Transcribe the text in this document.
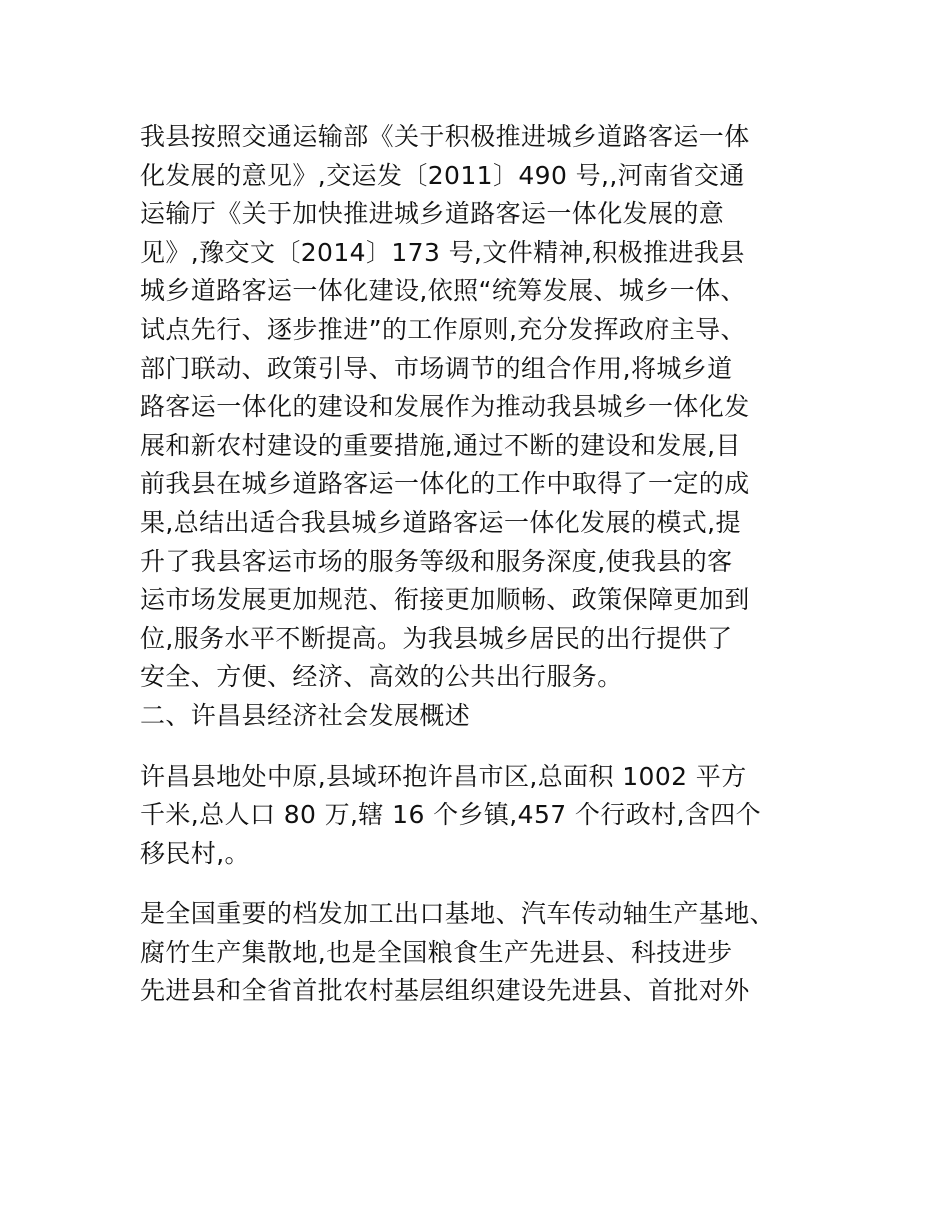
我县按照交通运输部《关于积极推进城乡道路客运一体
化发展的意见》,交运发〔2011〕490 号,,河南省交通
运输厅《关于加快推进城乡道路客运一体化发展的意
见》,豫交文〔2014〕173 号,文件精神,积极推进我县
城乡道路客运一体化建设,依照“统筹发展、城乡一体、
试点先行、逐步推进”的工作原则,充分发挥政府主导、
部门联动、政策引导、市场调节的组合作用,将城乡道
路客运一体化的建设和发展作为推动我县城乡一体化发
展和新农村建设的重要措施,通过不断的建设和发展,目
前我县在城乡道路客运一体化的工作中取得了一定的成
果,总结出适合我县城乡道路客运一体化发展的模式,提
升了我县客运市场的服务等级和服务深度,使我县的客
运市场发展更加规范、衔接更加顺畅、政策保障更加到
位,服务水平不断提高。为我县城乡居民的出行提供了
安全、方便、经济、高效的公共出行服务。

二、许昌县经济社会发展概述

许昌县地处中原,县域环抱许昌市区,总面积 1002 平方
千米,总人口 80 万,辖 16 个乡镇,457 个行政村,含四个
移民村,。

是全国重要的档发加工出口基地、汽车传动轴生产基地、
腐竹生产集散地,也是全国粮食生产先进县、科技进步
先进县和全省首批农村基层组织建设先进县、首批对外
